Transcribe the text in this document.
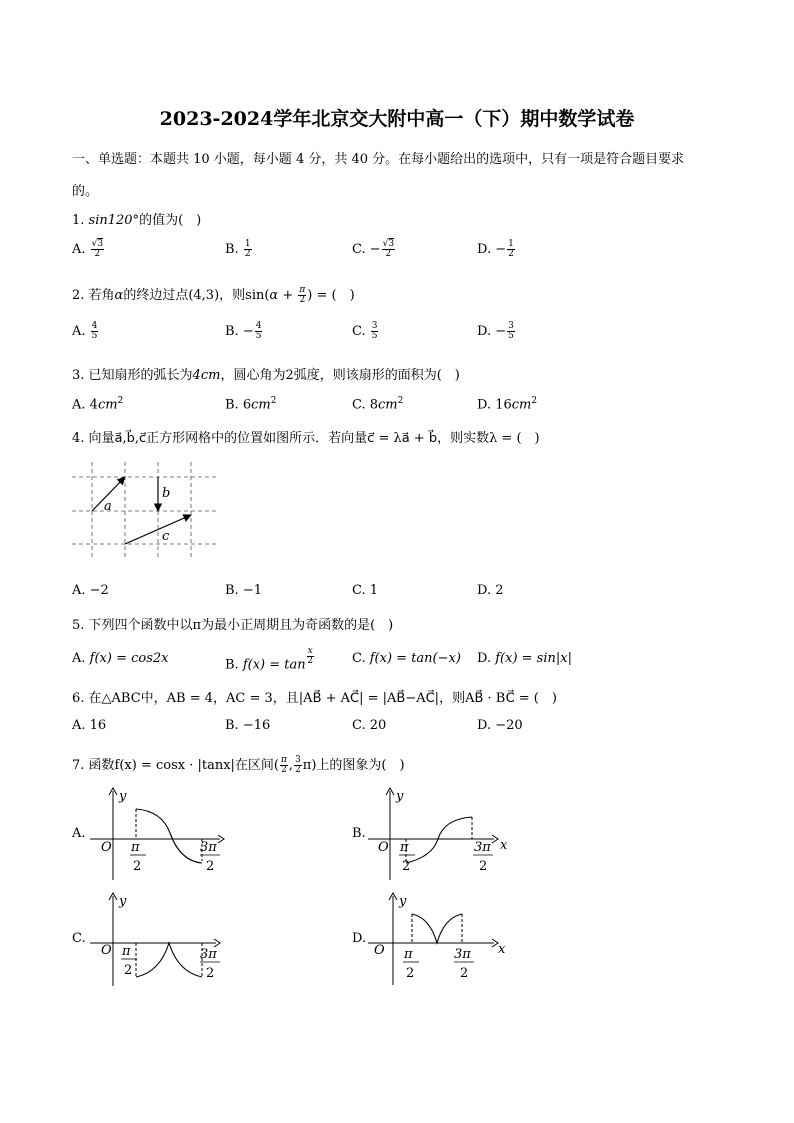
2023-2024学年北京交大附中高一（下）期中数学试卷
一、单选题：本题共 10 小题，每小题 4 分，共 40 分。在每小题给出的选项中，只有一项是符合题目要求
的。
1. sin120°的值为(　)
A. $\frac{√3}{2}$	B. $\frac{1}{2}$	C. − $\frac{√3}{2}$	D. − $\frac{1}{2}$
2. 若角α的终边过点(4,3)，则$\sin(\alpha + \frac{\pi}{2}$ ) = (　)
A. $\frac{4}{5}$	B. − $\frac{4}{5}$	C. $\frac{3}{5}$	D. − $\frac{3}{5}$
3. 已知扇形的弧长为4cm，圆心角为2弧度，则该扇形的面积为(　)
A. $4cm^2$	B. $6cm^2$	C. $8cm^2$	D. $16cm^2$
4. 向量a⃗,b⃗,c⃗正方形网格中的位置如图所示．若向量c⃗ = λa⃗ + b⃗，则实数λ = (　)
a
b
c
A. −2	B. −1	C. 1	D. 2
5. 下列四个函数中以π为最小正周期且为奇函数的是(　)
A. f(x) = cos2x	B. $f(x) = \tan \frac{x}{2}$	C. f(x) = tan(−x) D. f(x) = sin|x|
6. 在△ABC中，AB = 4，AC = 3，且|AB⃗ + AC⃗| = |AB⃗−AC⃗|，则AB⃗ · BC⃗ = (　)
A. 16	B. −16	C. 20	D. −20
7. 函数f(x) = cosx · |tanx|在区间( $\frac{\pi}{2}$ , $\frac{3}{2} \pi$)上的图象为(　)
A.	B.
C.	D.
y
O π
2
3π
2
x
y
O π
2
3π
2
y
O π
2
3π
2
x
y
O π
2
3π
2
